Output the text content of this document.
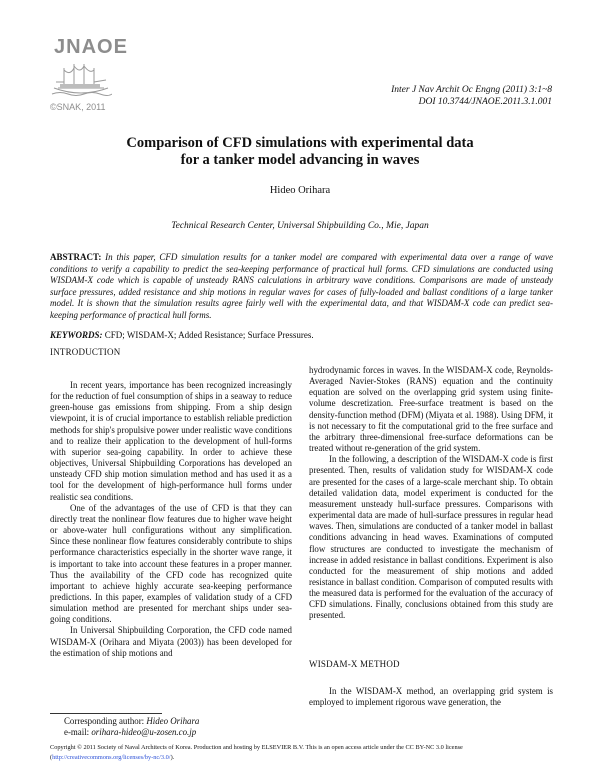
JNAOE
©SNAK, 2011
Inter J Nav Archit Oc Engng (2011) 3:1~8
DOI 10.3744/JNAOE.2011.3.1.001
Comparison of CFD simulations with experimental data
for a tanker model advancing in waves
Hideo Orihara
Technical Research Center, Universal Shipbuilding Co., Mie, Japan
ABSTRACT: In this paper, CFD simulation results for a tanker model are compared with experimental data over a range of wave conditions to verify a capability to predict the sea-keeping performance of practical hull forms. CFD simulations are conducted using WISDAM-X code which is capable of unsteady RANS calculations in arbitrary wave conditions. Comparisons are made of unsteady surface pressures, added resistance and ship motions in regular waves for cases of fully-loaded and ballast conditions of a large tanker model. It is shown that the simulation results agree fairly well with the experimental data, and that WISDAM-X code can predict sea-keeping performance of practical hull forms.
KEYWORDS: CFD; WISDAM-X; Added Resistance; Surface Pressures.
INTRODUCTION

In recent years, importance has been recognized increasingly for the reduction of fuel consumption of ships in a seaway to reduce green-house gas emissions from shipping. From a ship design viewpoint, it is of crucial importance to establish reliable prediction methods for ship's propulsive power under realistic wave conditions and to realize their application to the development of hull-forms with superior sea-going capability. In order to achieve these objectives, Universal Shipbuilding Corporations has developed an unsteady CFD ship motion simulation method and has used it as a tool for the development of high-performance hull forms under realistic sea conditions.

One of the advantages of the use of CFD is that they can directly treat the nonlinear flow features due to higher wave height or above-water hull configurations without any simplification. Since these nonlinear flow features considerably contribute to ships performance characteristics especially in the shorter wave range, it is important to take into account these features in a proper manner. Thus the availability of the CFD code has recognized quite important to achieve highly accurate sea-keeping performance predictions. In this paper, examples of validation study of a CFD simulation method are presented for merchant ships under sea-going conditions.

In Universal Shipbuilding Corporation, the CFD code named WISDAM-X (Orihara and Miyata (2003)) has been developed for the estimation of ship motions and

hydrodynamic forces in waves. In the WISDAM-X code, Reynolds-Averaged Navier-Stokes (RANS) equation and the continuity equation are solved on the overlapping grid system using finite-volume descretization. Free-surface treatment is based on the density-function method (DFM) (Miyata et al. 1988). Using DFM, it is not necessary to fit the computational grid to the free surface and the arbitrary three-dimensional free-surface deformations can be treated without re-generation of the grid system.

In the following, a description of the WISDAM-X code is first presented. Then, results of validation study for WISDAM-X code are presented for the cases of a large-scale merchant ship. To obtain detailed validation data, model experiment is conducted for the measurement unsteady hull-surface pressures. Comparisons with experimental data are made of hull-surface pressures in regular head waves. Then, simulations are conducted of a tanker model in ballast conditions advancing in head waves. Examinations of computed flow structures are conducted to investigate the mechanism of increase in added resistance in ballast conditions. Experiment is also conducted for the measurement of ship motions and added resistance in ballast condition. Comparison of computed results with the measured data is performed for the evaluation of the accuracy of CFD simulations. Finally, conclusions obtained from this study are presented.

WISDAM-X METHOD

In the WISDAM-X method, an overlapping grid system is employed to implement rigorous wave generation, the

Corresponding author: Hideo Orihara
e-mail: orihara-hideo@u-zosen.co.jp
Copyright © 2011 Society of Naval Architects of Korea. Production and hosting by ELSEVIER B.V. This is an open access article under the CC BY-NC 3.0 license
(http://creativecommons.org/licenses/by-nc/3.0/).
